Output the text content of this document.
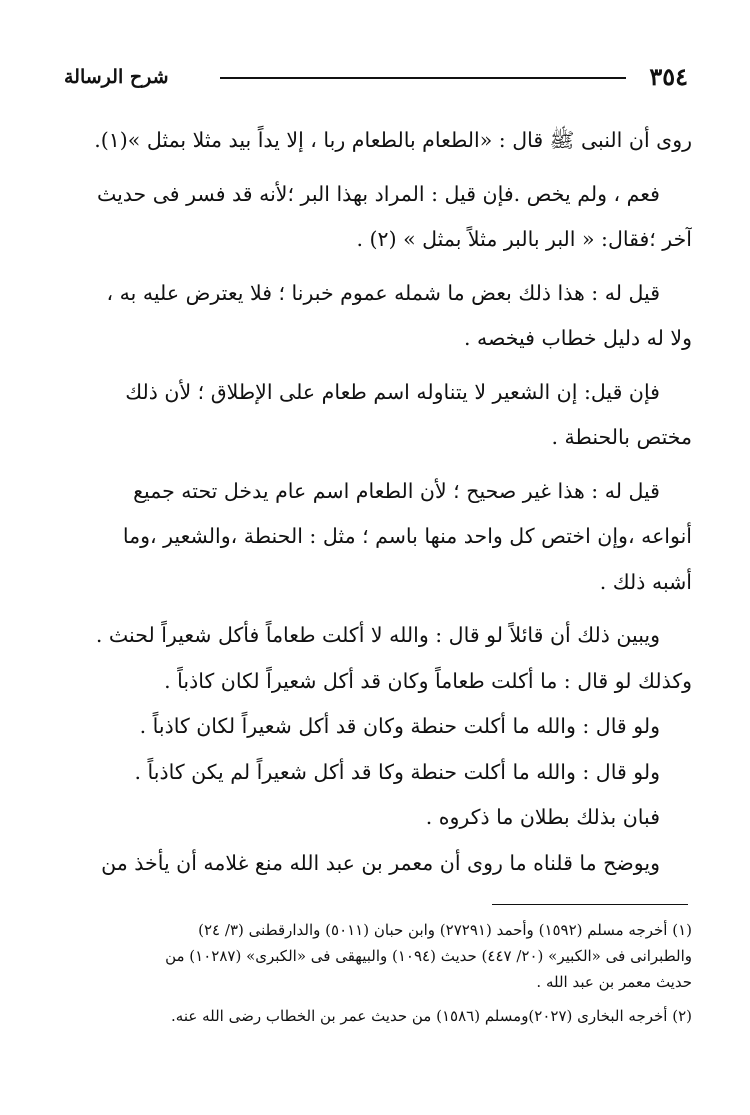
٣٥٤
شرح الرسالة
روى أن النبى ﷺ قال : «الطعام بالطعام ربا ، إلا يداً بيد مثلا بمثل »(١).
فعم ، ولم يخص .فإن قيل : المراد بهذا البر ؛لأنه قد فسر فى حديث
آخر ؛فقال: « البر بالبر مثلاً بمثل » (٢) .
قيل له : هذا ذلك بعض ما شمله عموم خبرنا ؛ فلا يعترض عليه به ،
ولا له دليل خطاب فيخصه .
فإن قيل: إن الشعير لا يتناوله اسم طعام على الإطلاق ؛ لأن ذلك
مختص بالحنطة .
قيل له : هذا غير صحيح ؛ لأن الطعام اسم عام يدخل تحته جميع
أنواعه ،وإن اختص كل واحد منها باسم ؛ مثل : الحنطة ،والشعير ،وما
أشبه ذلك .
ويبين ذلك أن قائلاً لو قال : والله لا أكلت طعاماً فأكل شعيراً لحنث .
وكذلك لو قال : ما أكلت طعاماً وكان قد أكل شعيراً لكان كاذباً .
ولو قال : والله ما أكلت حنطة وكان قد أكل شعيراً لكان كاذباً .
ولو قال : والله ما أكلت حنطة وكا قد أكل شعيراً لم يكن كاذباً .
فبان بذلك بطلان ما ذكروه .
ويوضح ما قلناه ما روى أن معمر بن عبد الله منع غلامه أن يأخذ من
(١) أخرجه مسلم (١٥٩٢) وأحمد (٢٧٢٩١) وابن حبان (٥٠١١) والدارقطنى (٣/ ٢٤)
والطبرانى فى «الكبير» (٢٠/ ٤٤٧) حديث (١٠٩٤) والبيهقى فى «الكبرى» (١٠٢٨٧) من
حديث معمر بن عبد الله .
(٢) أخرجه البخارى (٢٠٢٧)ومسلم (١٥٨٦) من حديث عمر بن الخطاب رضى الله عنه.
